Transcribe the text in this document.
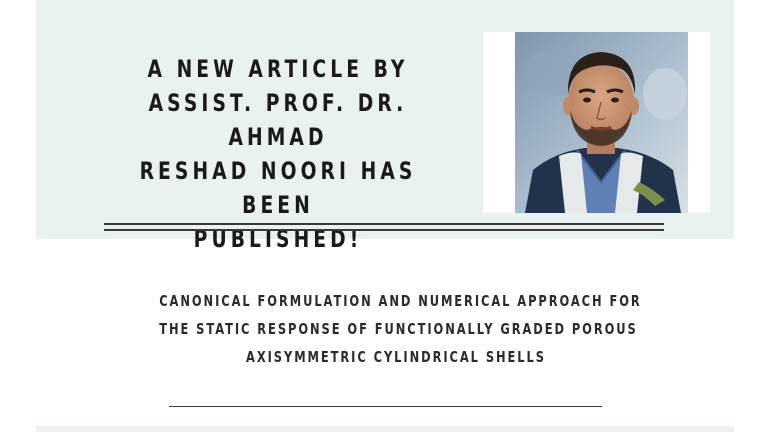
A NEW ARTICLE BY
ASSIST. PROF. DR. AHMAD
RESHAD NOORI HAS BEEN
PUBLISHED!
CANONICAL FORMULATION AND NUMERICAL APPROACH FOR
THE STATIC RESPONSE OF FUNCTIONALLY GRADED POROUS
AXISYMMETRIC CYLINDRICAL SHELLS
